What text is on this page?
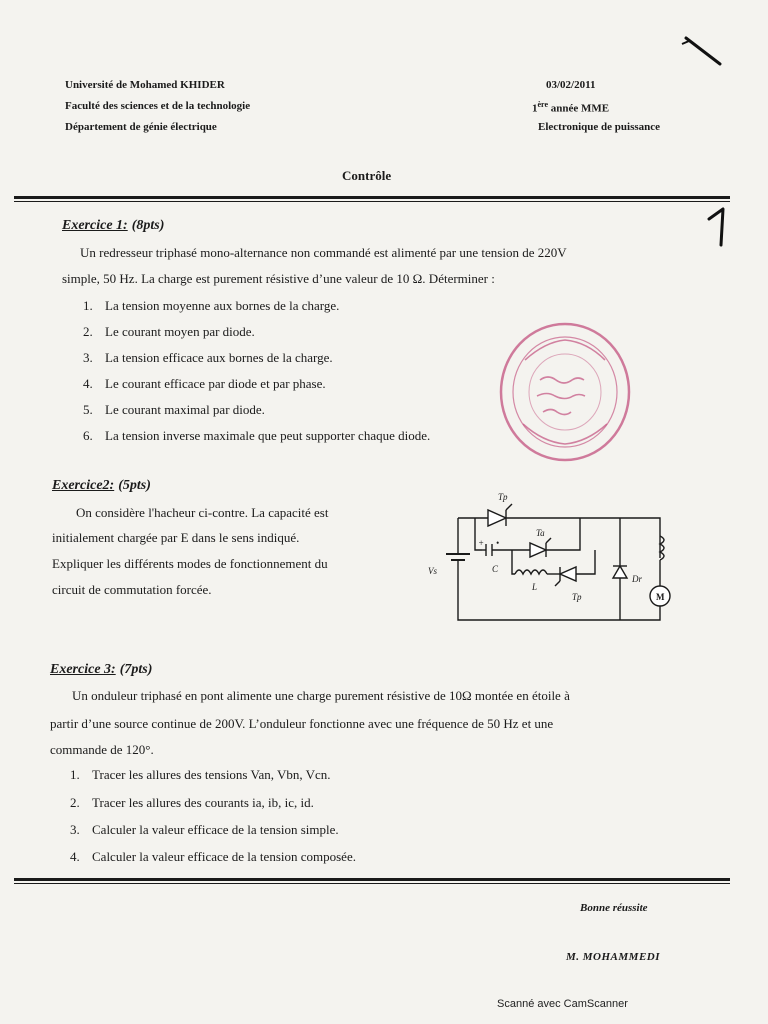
Université de Mohamed KHIDER
Faculté des sciences et de la technologie
Département de génie électrique
03/02/2011
1ère année MME
Electronique de puissance
Contrôle
Exercice 1: (8pts)
Un redresseur triphasé mono-alternance non commandé est alimenté par une tension de 220V
simple, 50 Hz. La charge est purement résistive d’une valeur de 10 Ω. Déterminer :
1. La tension moyenne aux bornes de la charge.
2. Le courant moyen par diode.
3. La tension efficace aux bornes de la charge.
4. Le courant efficace par diode et par phase.
5. Le courant maximal par diode.
6. La tension inverse maximale que peut supporter chaque diode.
Exercice2: (5pts)
On considère l'hacheur ci-contre. La capacité est
initialement chargée par E dans le sens indiqué.
Expliquer les différents modes de fonctionnement du
circuit de commutation forcée.
Tp
Ta
+ •
C
L
Tp
Vs
Dr
M
Exercice 3: (7pts)
Un onduleur triphasé en pont alimente une charge purement résistive de 10Ω montée en étoile à
partir d’une source continue de 200V. L’onduleur fonctionne avec une fréquence de 50 Hz et une
commande de 120°.
1. Tracer les allures des tensions Van, Vbn, Vcn.
2. Tracer les allures des courants ia, ib, ic, id.
3. Calculer la valeur efficace de la tension simple.
4. Calculer la valeur efficace de la tension composée.
Bonne réussite
M. MOHAMMEDI
Scanné avec CamScanner
